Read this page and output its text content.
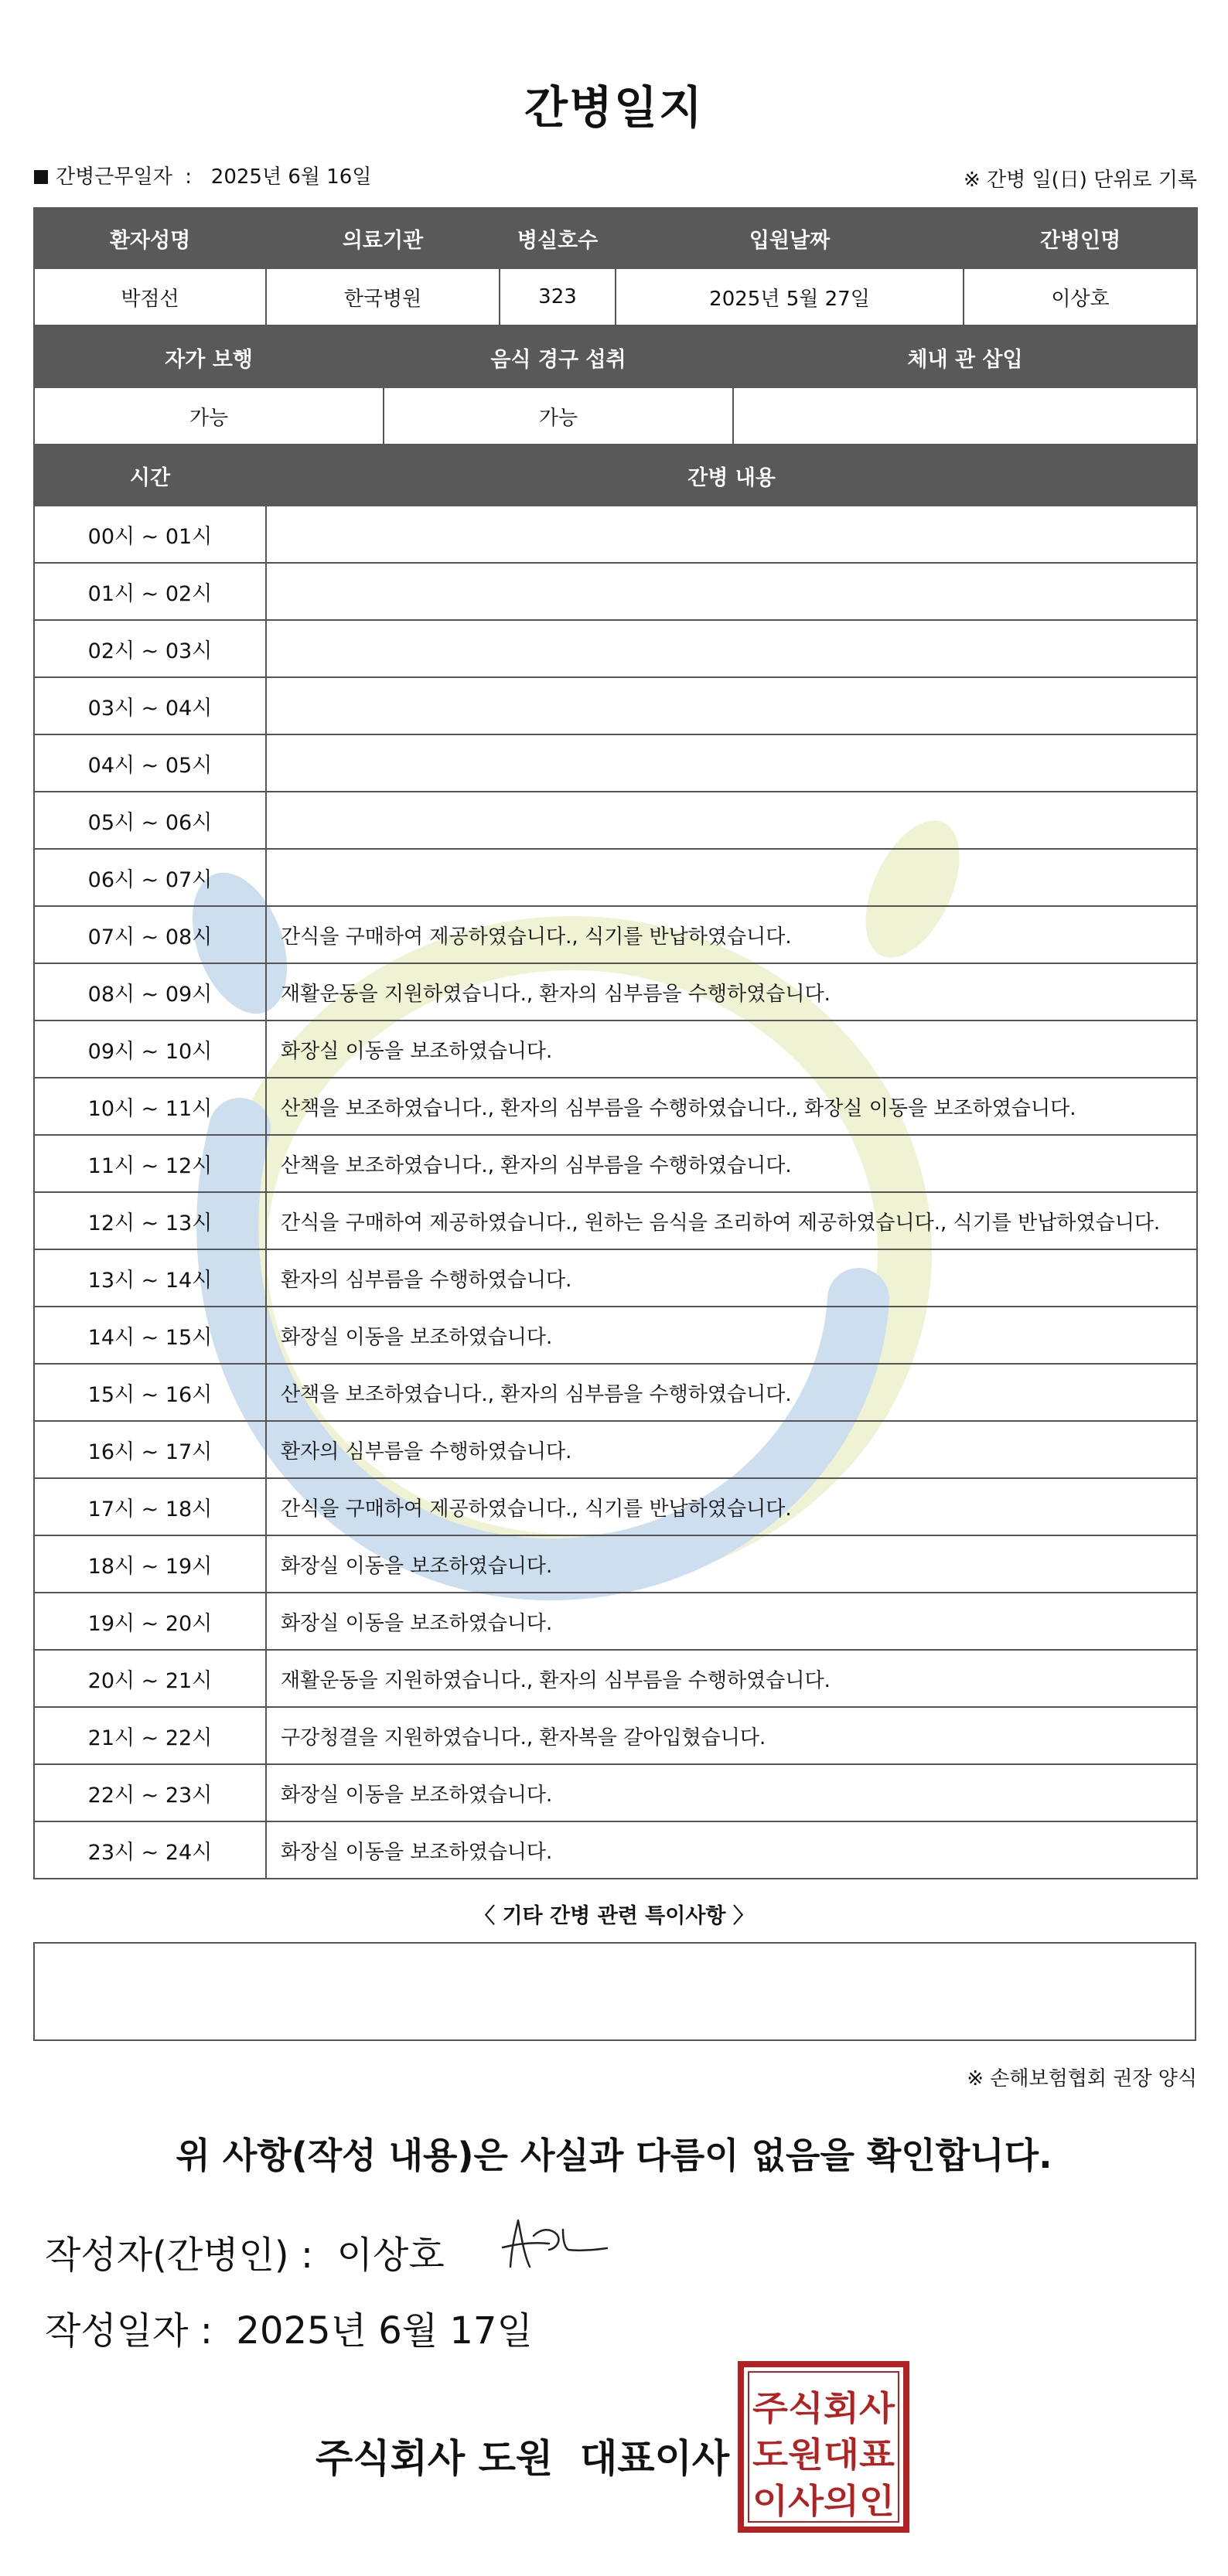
간병일지
간병근무일자 : 2025년 6월 16일	※ 간병 일(日) 단위로 기록
환자성명	의료기관	병실호수	입원날짜	간병인명
박점선	한국병원	323	2025년 5월 27일	이상호
자가 보행	음식 경구 섭취	체내 관 삽입
가능	가능	
시간	간병 내용
00시 ~ 01시	
01시 ~ 02시	
02시 ~ 03시	
03시 ~ 04시	
04시 ~ 05시	
05시 ~ 06시	
06시 ~ 07시	
07시 ~ 08시	간식을 구매하여 제공하였습니다., 식기를 반납하였습니다.
08시 ~ 09시	재활운동을 지원하였습니다., 환자의 심부름을 수행하였습니다.
09시 ~ 10시	화장실 이동을 보조하였습니다.
10시 ~ 11시	산책을 보조하였습니다., 환자의 심부름을 수행하였습니다., 화장실 이동을 보조하였습니다.
11시 ~ 12시	산책을 보조하였습니다., 환자의 심부름을 수행하였습니다.
12시 ~ 13시	간식을 구매하여 제공하였습니다., 원하는 음식을 조리하여 제공하였습니다., 식기를 반납하였습니다.
13시 ~ 14시	환자의 심부름을 수행하였습니다.
14시 ~ 15시	화장실 이동을 보조하였습니다.
15시 ~ 16시	산책을 보조하였습니다., 환자의 심부름을 수행하였습니다.
16시 ~ 17시	환자의 심부름을 수행하였습니다.
17시 ~ 18시	간식을 구매하여 제공하였습니다., 식기를 반납하였습니다.
18시 ~ 19시	화장실 이동을 보조하였습니다.
19시 ~ 20시	화장실 이동을 보조하였습니다.
20시 ~ 21시	재활운동을 지원하였습니다., 환자의 심부름을 수행하였습니다.
21시 ~ 22시	구강청결을 지원하였습니다., 환자복을 갈아입혔습니다.
22시 ~ 23시	화장실 이동을 보조하였습니다.
23시 ~ 24시	화장실 이동을 보조하였습니다.
〈 기타 간병 관련 특이사항 〉
※ 손해보험협회 권장 양식
위 사항(작성 내용)은 사실과 다름이 없음을 확인합니다.
작성자(간병인) : 이상호
작성일자 : 2025년 6월 17일
주식회사 도원  대표이사
주식회사
도원대표
이사의인
